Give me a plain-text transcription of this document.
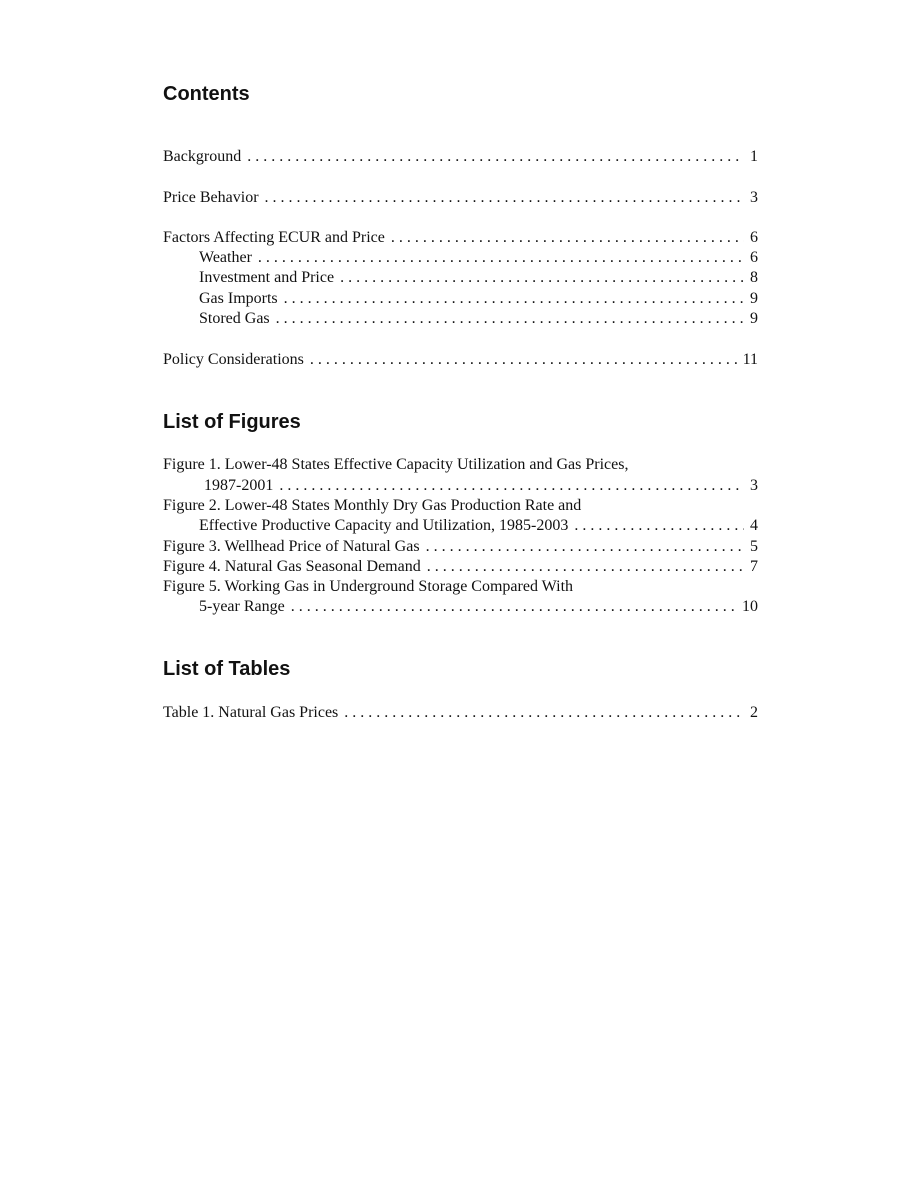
Contents
Background . . .	1
Price Behavior . . .	3
Factors Affecting ECUR and Price . . .	6
Weather . . .	6
Investment and Price . . .	8
Gas Imports . . .	9
Stored Gas . . .	9
Policy Considerations . . .	11
List of Figures
Figure 1. Lower-48 States Effective Capacity Utilization and Gas Prices,
1987-2001 . . .	3
Figure 2. Lower-48 States Monthly Dry Gas Production Rate and
Effective Productive Capacity and Utilization, 1985-2003 . . .	4
Figure 3. Wellhead Price of Natural Gas . . .	5
Figure 4. Natural Gas Seasonal Demand . . .	7
Figure 5. Working Gas in Underground Storage Compared With
5-year Range . . .	10
List of Tables
Table 1. Natural Gas Prices . . .	2
